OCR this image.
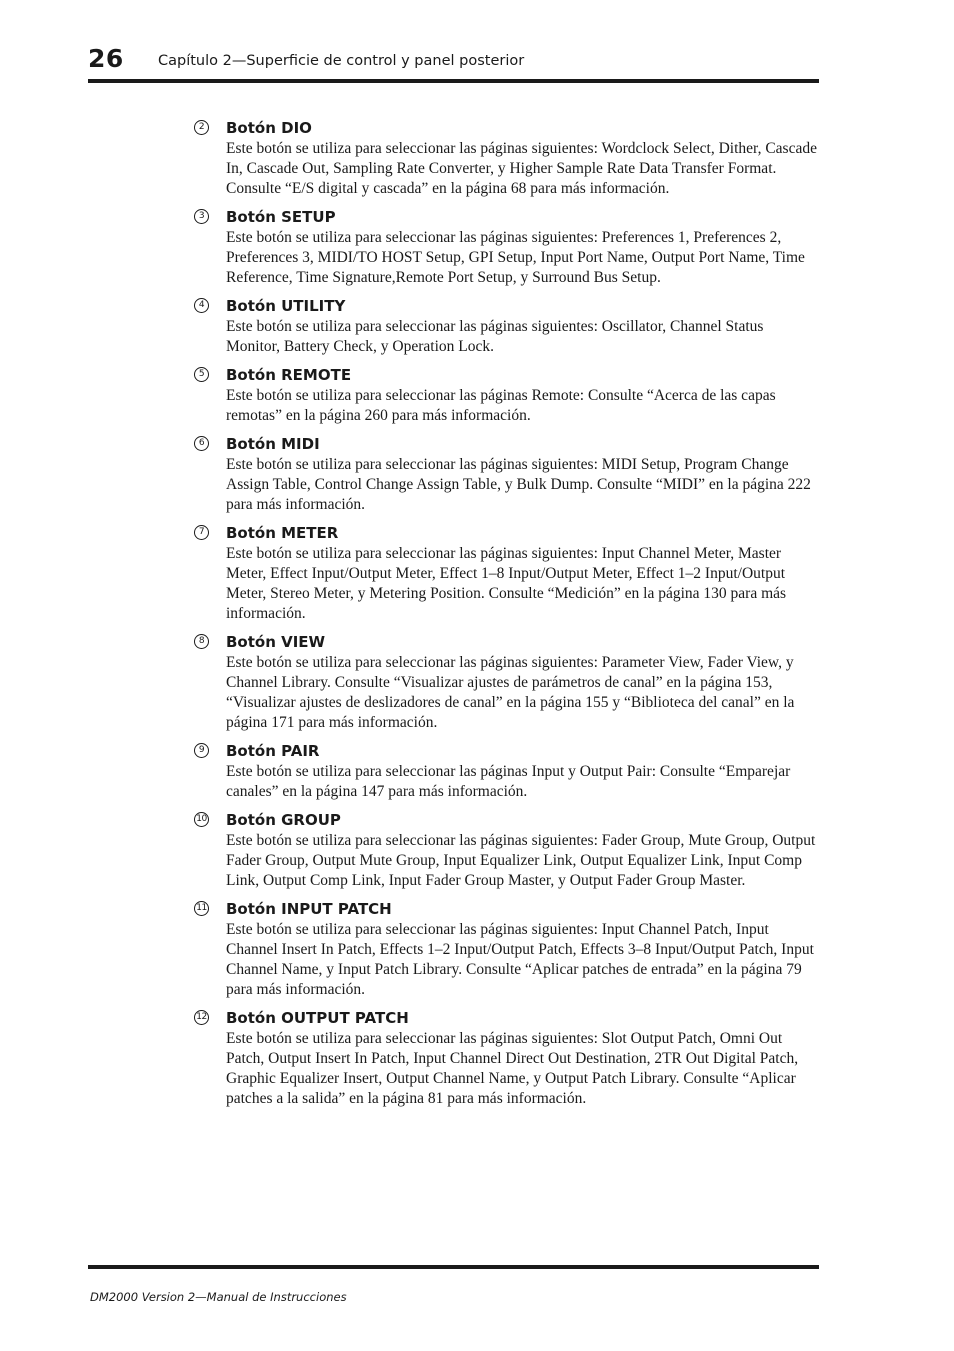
26 Capítulo 2—Superficie de control y panel posterior
2	Botón DIO

Este botón se utiliza para seleccionar las páginas siguientes: Wordclock Select, Dither, Cascade In, Cascade Out, Sampling Rate Converter, y Higher Sample Rate Data Transfer Format. Consulte “E/S digital y cascada” en la página 68 para más información.

3	Botón SETUP

Este botón se utiliza para seleccionar las páginas siguientes: Preferences 1, Preferences 2, Preferences 3, MIDI/TO HOST Setup, GPI Setup, Input Port Name, Output Port Name, Time Reference, Time Signature,Remote Port Setup, y Surround Bus Setup.

4	Botón UTILITY

Este botón se utiliza para seleccionar las páginas siguientes: Oscillator, Channel Status Monitor, Battery Check, y Operation Lock.

5	Botón REMOTE

Este botón se utiliza para seleccionar las páginas Remote: Consulte “Acerca de las capas remotas” en la página 260 para más información.

6	Botón MIDI

Este botón se utiliza para seleccionar las páginas siguientes: MIDI Setup, Program Change Assign Table, Control Change Assign Table, y Bulk Dump. Consulte “MIDI” en la página 222 para más información.

7	Botón METER

Este botón se utiliza para seleccionar las páginas siguientes: Input Channel Meter, Master Meter, Effect Input/Output Meter, Effect 1–8 Input/Output Meter, Effect 1–2 Input/Output Meter, Stereo Meter, y Metering Position. Consulte “Medición” en la página 130 para más información.

8	Botón VIEW

Este botón se utiliza para seleccionar las páginas siguientes: Parameter View, Fader View, y Channel Library. Consulte “Visualizar ajustes de parámetros de canal” en la página 153, “Visualizar ajustes de deslizadores de canal” en la página 155 y “Biblioteca del canal” en la página 171 para más información.

9	Botón PAIR

Este botón se utiliza para seleccionar las páginas Input y Output Pair: Consulte “Emparejar canales” en la página 147 para más información.

10 Botón GROUP

Este botón se utiliza para seleccionar las páginas siguientes: Fader Group, Mute Group, Output Fader Group, Output Mute Group, Input Equalizer Link, Output Equalizer Link, Input Comp Link, Output Comp Link, Input Fader Group Master, y Output Fader Group Master.

11 Botón INPUT PATCH

Este botón se utiliza para seleccionar las páginas siguientes: Input Channel Patch, Input Channel Insert In Patch, Effects 1–2 Input/Output Patch, Effects 3–8 Input/Output Patch, Input Channel Name, y Input Patch Library. Consulte “Aplicar patches de entrada” en la página 79 para más información.

12 Botón OUTPUT PATCH

Este botón se utiliza para seleccionar las páginas siguientes: Slot Output Patch, Omni Out Patch, Output Insert In Patch, Input Channel Direct Out Destination, 2TR Out Digital Patch, Graphic Equalizer Insert, Output Channel Name, y Output Patch Library. Consulte “Aplicar patches a la salida” en la página 81 para más información.

DM2000 Version 2—Manual de Instrucciones
